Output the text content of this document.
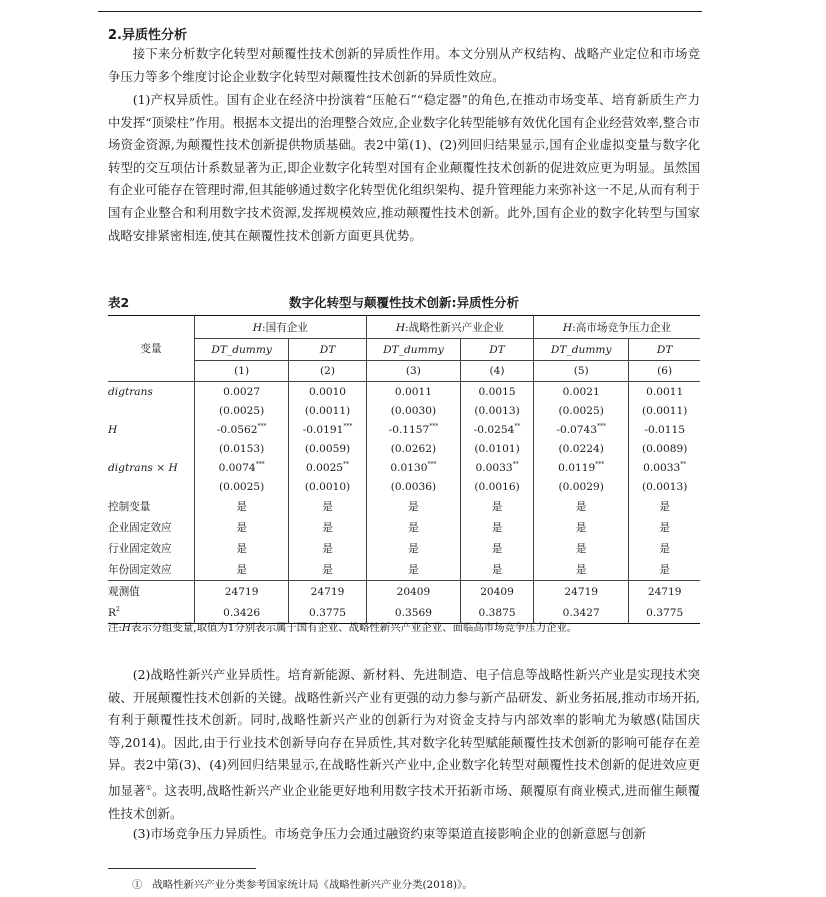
2.异质性分析

接下来分析数字化转型对颠覆性技术创新的异质性作用。本文分别从产权结构、战略产业定位和市场竞争压力等多个维度讨论企业数字化转型对颠覆性技术创新的异质性效应。

(1)产权异质性。国有企业在经济中扮演着“压舱石”“稳定器”的角色,在推动市场变革、培育新质生产力中发挥“顶梁柱”作用。根据本文提出的治理整合效应,企业数字化转型能够有效优化国有企业经营效率,整合市场资金资源,为颠覆性技术创新提供物质基础。表2中第(1)、(2)列回归结果显示,国有企业虚拟变量与数字化转型的交互项估计系数显著为正,即企业数字化转型对国有企业颠覆性技术创新的促进效应更为明显。虽然国有企业可能存在管理时滞,但其能够通过数字化转型优化组织架构、提升管理能力来弥补这一不足,从而有利于国有企业整合和利用数字技术资源,发挥规模效应,推动颠覆性技术创新。此外,国有企业的数字化转型与国家战略安排紧密相连,使其在颠覆性技术创新方面更具优势。

表2	数字化转型与颠覆性技术创新:异质性分析
变量	H:国有企业		H:战略性新兴产业企业		H:高市场竞争压力企业	
	DT_dummy	DT	DT_dummy	DT	DT_dummy	DT
	(1)	(2)	(3)	(4)	(5)	(6)
digtrans	0.0027	0.0010	0.0011	0.0015	0.0021	0.0011
	(0.0025)	(0.0011)	(0.0030)	(0.0013)	(0.0025)	(0.0011)
H	-0.0562***	-0.0191***	-0.1157***	-0.0254**	-0.0743***	-0.0115
	(0.0153)	(0.0059)	(0.0262)	(0.0101)	(0.0224)	(0.0089)
digtrans × H	0.0074***	0.0025**	0.0130***	0.0033**	0.0119***	0.0033**
	(0.0025)	(0.0010)	(0.0036)	(0.0016)	(0.0029)	(0.0013)
控制变量	是	是	是	是	是	是
企业固定效应	是	是	是	是	是	是
行业固定效应	是	是	是	是	是	是
年份固定效应	是	是	是	是	是	是
观测值	24719	24719	20409	20409	24719	24719
$R^2$	0.3426	0.3775	0.3569	0.3875	0.3427	0.3775
注:H表示分组变量,取值为1分别表示属于国有企业、战略性新兴产业企业、面临高市场竞争压力企业。

(2)战略性新兴产业异质性。培育新能源、新材料、先进制造、电子信息等战略性新兴产业是实现技术突破、开展颠覆性技术创新的关键。战略性新兴产业有更强的动力参与新产品研发、新业务拓展,推动市场开拓,有利于颠覆性技术创新。同时,战略性新兴产业的创新行为对资金支持与内部效率的影响尤为敏感(陆国庆等,2014)。因此,由于行业技术创新导向存在异质性,其对数字化转型赋能颠覆性技术创新的影响可能存在差异。表2中第(3)、(4)列回归结果显示,在战略性新兴产业中,企业数字化转型对颠覆性技术创新的促进效应更加显著①。这表明,战略性新兴产业企业能更好地利用数字技术开拓新市场、颠覆原有商业模式,进而催生颠覆性技术创新。

(3)市场竞争压力异质性。市场竞争压力会通过融资约束等渠道直接影响企业的创新意愿与创新

① 战略性新兴产业分类参考国家统计局《战略性新兴产业分类(2018)》。
